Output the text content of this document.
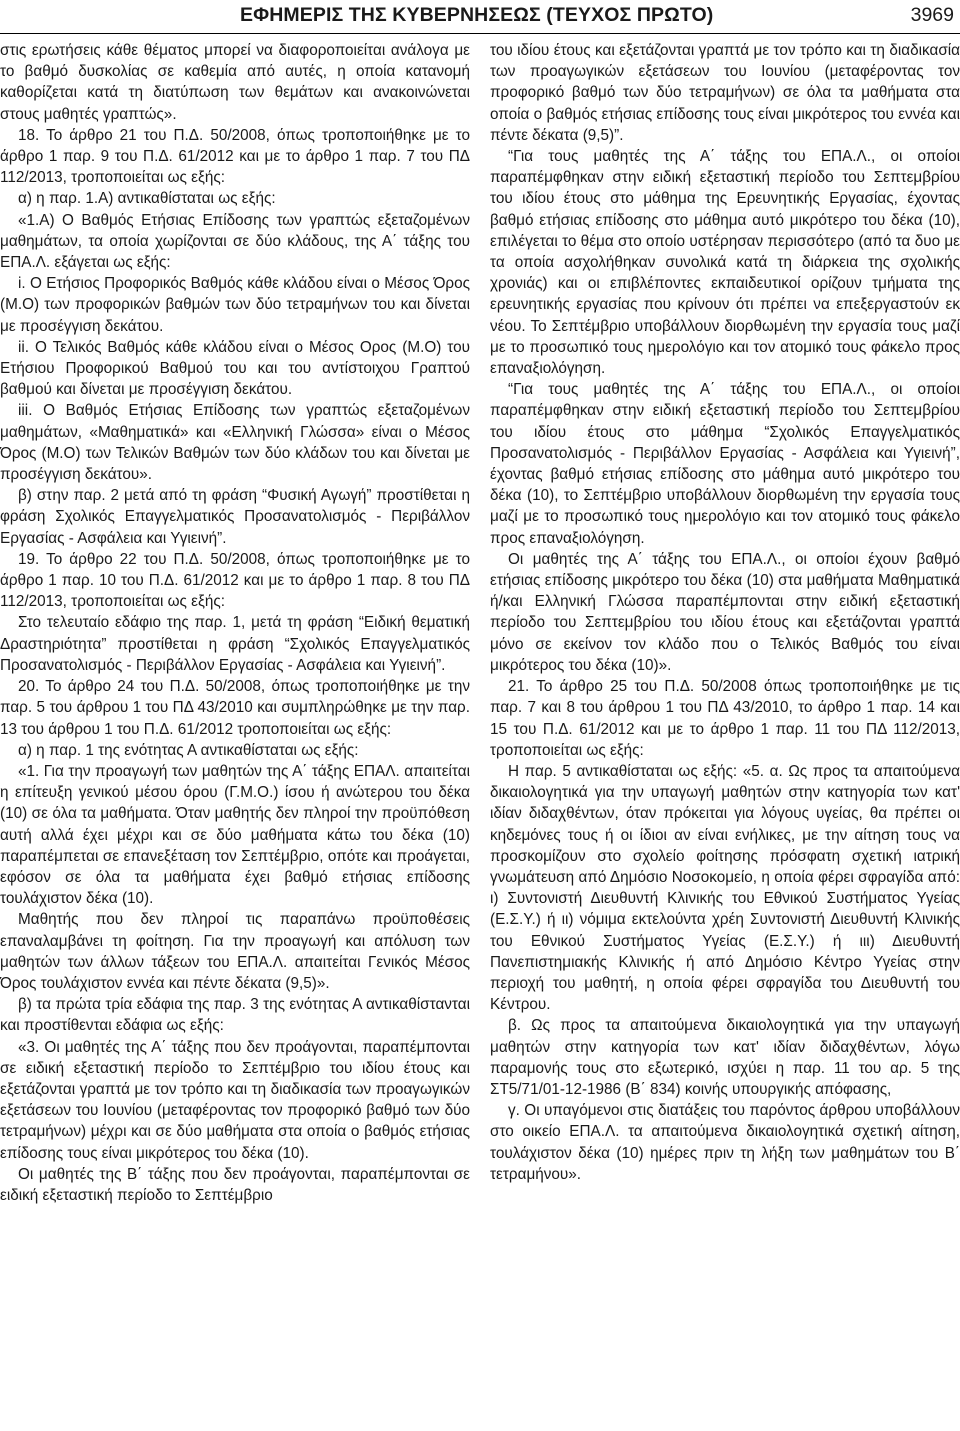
ΕΦΗΜΕΡΙΣ ΤΗΣ ΚΥΒΕΡΝΗΣΕΩΣ (ΤΕΥΧΟΣ ΠΡΩΤΟ)	3969

στις ερωτήσεις κάθε θέματος μπορεί να διαφοροποιείται ανάλογα με το βαθμό δυσκολίας σε καθεμία από αυτές, η οποία κατανομή καθορίζεται κατά τη διατύπωση των θεμάτων και ανακοινώνεται στους μαθητές γραπτώς».

18. Το άρθρο 21 του Π.Δ. 50/2008, όπως τροποποιήθηκε με το άρθρο 1 παρ. 9 του Π.Δ. 61/2012 και με το άρθρο 1 παρ. 7 του ΠΔ 112/2013, τροποποιείται ως εξής:

α) η παρ. 1.Α) αντικαθίσταται ως εξής:

«1.Α) Ο Βαθμός Ετήσιας Επίδοσης των γραπτώς εξεταζομένων μαθημάτων, τα οποία χωρίζονται σε δύο κλάδους, της Α΄ τάξης του ΕΠΑ.Λ. εξάγεται ως εξής:

i. Ο Ετήσιος Προφορικός Βαθμός κάθε κλάδου είναι ο Μέσος Όρος (Μ.Ο) των προφορικών βαθμών των δύο τετραμήνων του και δίνεται με προσέγγιση δεκάτου.

ii. Ο Τελικός Βαθμός κάθε κλάδου είναι ο Μέσος Ορος (Μ.Ο) του Ετήσιου Προφορικού Βαθμού του και του αντίστοιχου Γραπτού βαθμού και δίνεται με προσέγγιση δεκάτου.

iii. Ο Βαθμός Ετήσιας Επίδοσης των γραπτώς εξεταζομένων μαθημάτων, «Μαθηματικά» και «Ελληνική Γλώσσα» είναι ο Μέσος Όρος (Μ.Ο) των Τελικών Βαθμών των δύο κλάδων του και δίνεται με προσέγγιση δεκάτου».

β) στην παρ. 2 μετά από τη φράση “Φυσική Αγωγή” προστίθεται η φράση Σχολικός Επαγγελματικός Προσανατολισμός - Περιβάλλον Εργασίας - Ασφάλεια και Υγιεινή”.

19. Το άρθρο 22 του Π.Δ. 50/2008, όπως τροποποιήθηκε με το άρθρο 1 παρ. 10 του Π.Δ. 61/2012 και με το άρθρο 1 παρ. 8 του ΠΔ 112/2013, τροποποιείται ως εξής:

Στο τελευταίο εδάφιο της παρ. 1, μετά τη φράση “Ειδική θεματική Δραστηριότητα” προστίθεται η φράση “Σχολικός Επαγγελματικός Προσανατολισμός - Περιβάλλον Εργασίας - Ασφάλεια και Υγιεινή”.

20. Το άρθρο 24 του Π.Δ. 50/2008, όπως τροποποιήθηκε με την παρ. 5 του άρθρου 1 του ΠΔ 43/2010 και συμπληρώθηκε με την παρ. 13 του άρθρου 1 του Π.Δ. 61/2012 τροποποιείται ως εξής:

α) η παρ. 1 της ενότητας Α αντικαθίσταται ως εξής:

«1. Για την προαγωγή των μαθητών της Α΄ τάξης ΕΠΑΛ. απαιτείται η επίτευξη γενικού μέσου όρου (Γ.Μ.Ο.) ίσου ή ανώτερου του δέκα (10) σε όλα τα μαθήματα. Όταν μαθητής δεν πληροί την προϋπόθεση αυτή αλλά έχει μέχρι και σε δύο μαθήματα κάτω του δέκα (10) παραπέμπεται σε επανεξέταση τον Σεπτέμβριο, οπότε και προάγεται, εφόσον σε όλα τα μαθήματα έχει βαθμό ετήσιας επίδοσης τουλάχιστον δέκα (10).

Μαθητής που δεν πληροί τις παραπάνω προϋποθέσεις επαναλαμβάνει τη φοίτηση. Για την προαγωγή και απόλυση των μαθητών των άλλων τάξεων του ΕΠΑ.Λ. απαιτείται Γενικός Μέσος Όρος τουλάχιστον εννέα και πέντε δέκατα (9,5)».

β) τα πρώτα τρία εδάφια της παρ. 3 της ενότητας Α αντικαθίστανται και προστίθενται εδάφια ως εξής:

«3. Οι μαθητές της Α΄ τάξης που δεν προάγονται, παραπέμπονται σε ειδική εξεταστική περίοδο το Σεπτέμβριο του ιδίου έτους και εξετάζονται γραπτά με τον τρόπο και τη διαδικασία των προαγωγικών εξετάσεων του Ιουνίου (μεταφέροντας τον προφορικό βαθμό των δύο τετραμήνων) μέχρι και σε δύο μαθήματα στα οποία ο βαθμός ετήσιας επίδοσης τους είναι μικρότερος του δέκα (10).

Οι μαθητές της Β΄ τάξης που δεν προάγονται, παραπέμπονται σε ειδική εξεταστική περίοδο το Σεπτέμβριο

του ιδίου έτους και εξετάζονται γραπτά με τον τρόπο και τη διαδικασία των προαγωγικών εξετάσεων του Ιουνίου (μεταφέροντας τον προφορικό βαθμό των δύο τετραμήνων) σε όλα τα μαθήματα στα οποία ο βαθμός ετήσιας επίδοσης τους είναι μικρότερος του εννέα και πέντε δέκατα (9,5)”.

“Για τους μαθητές της Α΄ τάξης του ΕΠΑ.Λ., οι οποίοι παραπέμφθηκαν στην ειδική εξεταστική περίοδο του Σεπτεμβρίου του ιδίου έτους στο μάθημα της Ερευνητικής Εργασίας, έχοντας βαθμό ετήσιας επίδοσης στο μάθημα αυτό μικρότερο του δέκα (10), επιλέγεται το θέμα στο οποίο υστέρησαν περισσότερο (από τα δυο με τα οποία ασχολήθηκαν συνολικά κατά τη διάρκεια της σχολικής χρονιάς) και οι επιβλέποντες εκπαιδευτικοί ορίζουν τμήματα της ερευνητικής εργασίας που κρίνουν ότι πρέπει να επεξεργαστούν εκ νέου. Το Σεπτέμβριο υποβάλλουν διορθωμένη την εργασία τους μαζί με το προσωπικό τους ημερολόγιο και τον ατομικό τους φάκελο προς επαναξιολόγηση.

“Για τους μαθητές της Α΄ τάξης του ΕΠΑ.Λ., οι οποίοι παραπέμφθηκαν στην ειδική εξεταστική περίοδο του Σεπτεμβρίου του ιδίου έτους στο μάθημα “Σχολικός Επαγγελματικός Προσανατολισμός - Περιβάλλον Εργασίας - Ασφάλεια και Υγιεινή”, έχοντας βαθμό ετήσιας επίδοσης στο μάθημα αυτό μικρότερο του δέκα (10), το Σεπτέμβριο υποβάλλουν διορθωμένη την εργασία τους μαζί με το προσωπικό τους ημερολόγιο και τον ατομικό τους φάκελο προς επαναξιολόγηση.

Οι μαθητές της Α΄ τάξης του ΕΠΑ.Λ., οι οποίοι έχουν βαθμό ετήσιας επίδοσης μικρότερο του δέκα (10) στα μαθήματα Μαθηματικά ή/και Ελληνική Γλώσσα παραπέμπονται στην ειδική εξεταστική περίοδο του Σεπτεμβρίου του ιδίου έτους και εξετάζονται γραπτά μόνο σε εκείνον τον κλάδο που ο Τελικός Βαθμός του είναι μικρότερος του δέκα (10)».

21. Το άρθρο 25 του Π.Δ. 50/2008 όπως τροποποιήθηκε με τις παρ. 7 και 8 του άρθρου 1 του ΠΔ 43/2010, το άρθρο 1 παρ. 14 και 15 του Π.Δ. 61/2012 και με το άρθρο 1 παρ. 11 του ΠΔ 112/2013, τροποποιείται ως εξής:

Η παρ. 5 αντικαθίσταται ως εξής: «5. α. Ως προς τα απαιτούμενα δικαιολογητικά για την υπαγωγή μαθητών στην κατηγορία των κατ' ιδίαν διδαχθέντων, όταν πρόκειται για λόγους υγείας, θα πρέπει οι κηδεμόνες τους ή οι ίδιοι αν είναι ενήλικες, με την αίτηση τους να προσκομίζουν στο σχολείο φοίτησης πρόσφατη σχετική ιατρική γνωμάτευση από Δημόσιο Νοσοκομείο, η οποία φέρει σφραγίδα από: ι) Συντονιστή Διευθυντή Κλινικής του Εθνικού Συστήματος Υγείας (Ε.Σ.Υ.) ή ιι) νόμιμα εκτελούντα χρέη Συντονιστή Διευθυντή Κλινικής του Εθνικού Συστήματος Υγείας (Ε.Σ.Υ.) ή ιιι) Διευθυντή Πανεπιστημιακής Κλινικής ή από Δημόσιο Κέντρο Υγείας στην περιοχή του μαθητή, η οποία φέρει σφραγίδα του Διευθυντή του Κέντρου.

β. Ως προς τα απαιτούμενα δικαιολογητικά για την υπαγωγή μαθητών στην κατηγορία των κατ' ιδίαν διδαχθέντων, λόγω παραμονής τους στο εξωτερικό, ισχύει η παρ. 11 του αρ. 5 της ΣΤ5/71/01-12-1986 (Β΄ 834) κοινής υπουργικής απόφασης,

γ. Οι υπαγόμενοι στις διατάξεις του παρόντος άρθρου υποβάλλουν στο οικείο ΕΠΑ.Λ. τα απαιτούμενα δικαιολογητικά σχετική αίτηση, τουλάχιστον δέκα (10) ημέρες πριν τη λήξη των μαθημάτων του Β΄ τετραμήνου».
